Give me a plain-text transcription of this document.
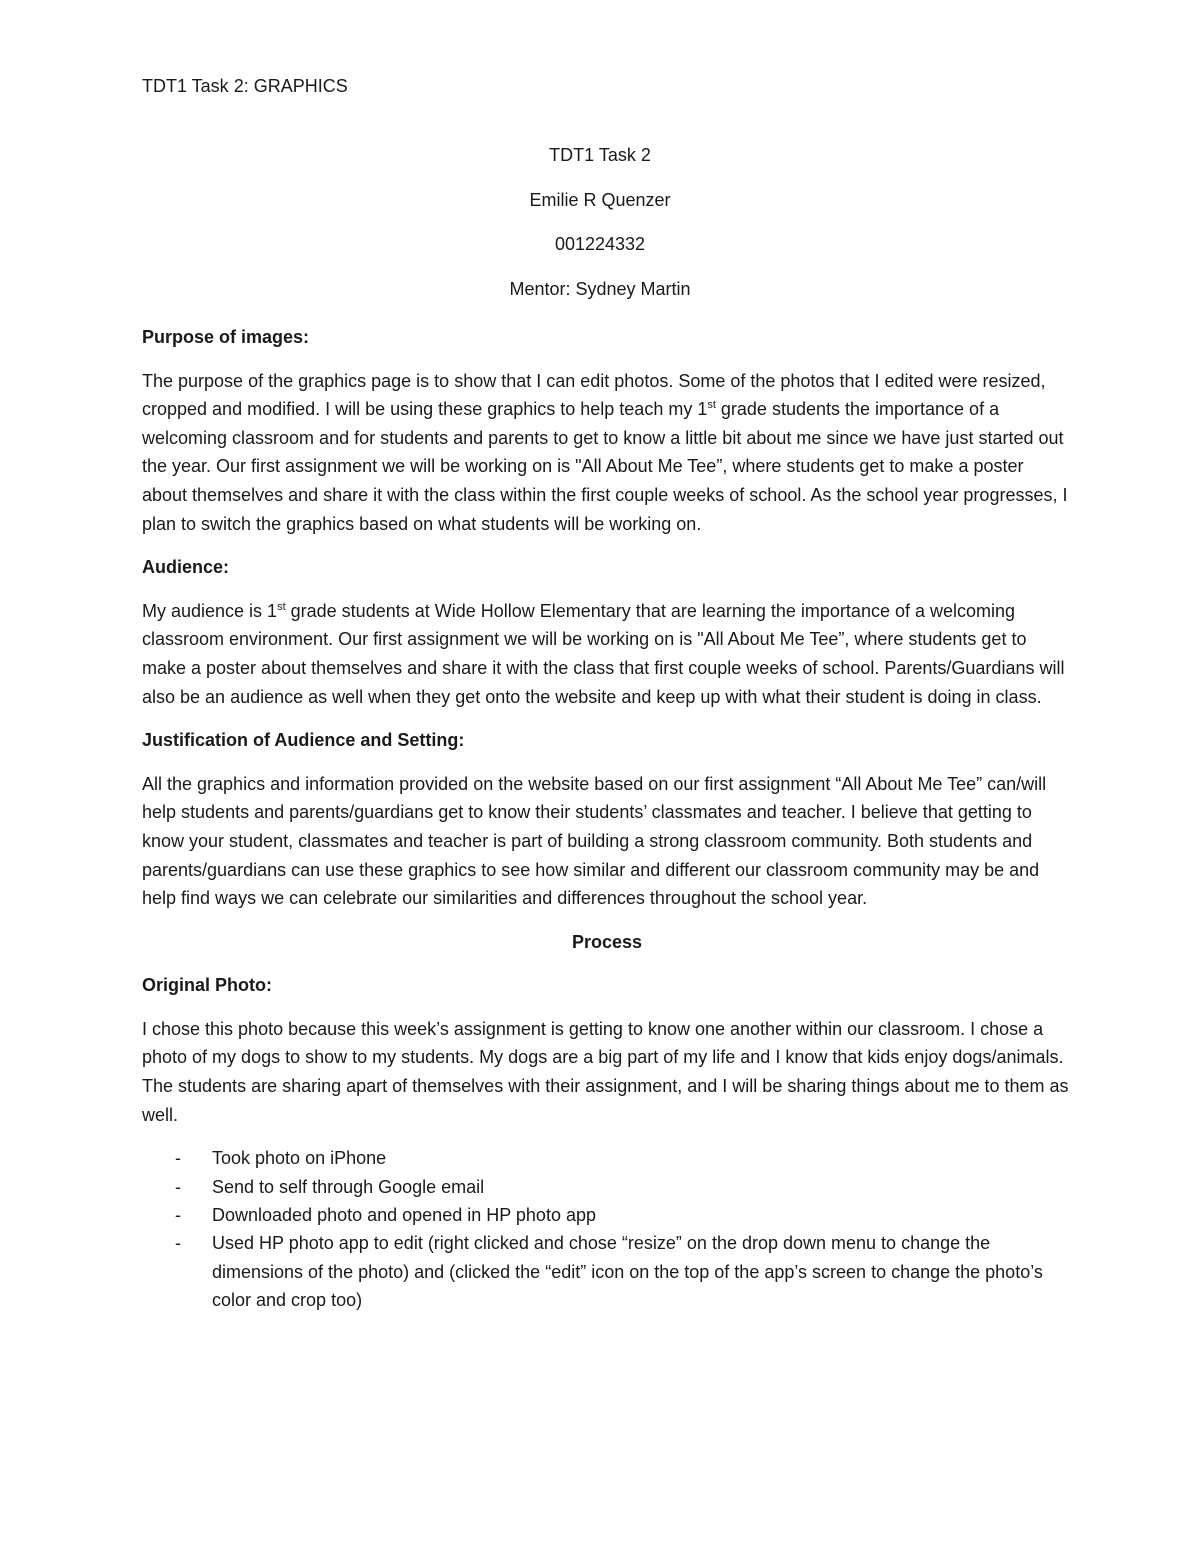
TDT1 Task 2: GRAPHICS
TDT1 Task 2
Emilie R Quenzer
001224332
Mentor: Sydney Martin
Purpose of images:
The purpose of the graphics page is to show that I can edit photos. Some of the photos that I edited were resized, cropped and modified. I will be using these graphics to help teach my 1st grade students the importance of a welcoming classroom and for students and parents to get to know a little bit about me since we have just started out the year. Our first assignment we will be working on is "All About Me Tee”, where students get to make a poster about themselves and share it with the class within the first couple weeks of school. As the school year progresses, I plan to switch the graphics based on what students will be working on.
Audience:
My audience is 1st grade students at Wide Hollow Elementary that are learning the importance of a welcoming classroom environment. Our first assignment we will be working on is "All About Me Tee”, where students get to make a poster about themselves and share it with the class that first couple weeks of school. Parents/Guardians will also be an audience as well when they get onto the website and keep up with what their student is doing in class.
Justification of Audience and Setting:
All the graphics and information provided on the website based on our first assignment “All About Me Tee” can/will help students and parents/guardians get to know their students’ classmates and teacher. I believe that getting to know your student, classmates and teacher is part of building a strong classroom community. Both students and parents/guardians can use these graphics to see how similar and different our classroom community may be and help find ways we can celebrate our similarities and differences throughout the school year.
Process
Original Photo:
I chose this photo because this week’s assignment is getting to know one another within our classroom. I chose a photo of my dogs to show to my students. My dogs are a big part of my life and I know that kids enjoy dogs/animals. The students are sharing apart of themselves with their assignment, and I will be sharing things about me to them as well.
- Took photo on iPhone
- Send to self through Google email
- Downloaded photo and opened in HP photo app
- Used HP photo app to edit (right clicked and chose “resize” on the drop down menu to change the dimensions of the photo) and (clicked the “edit” icon on the top of the app’s screen to change the photo’s color and crop too)
